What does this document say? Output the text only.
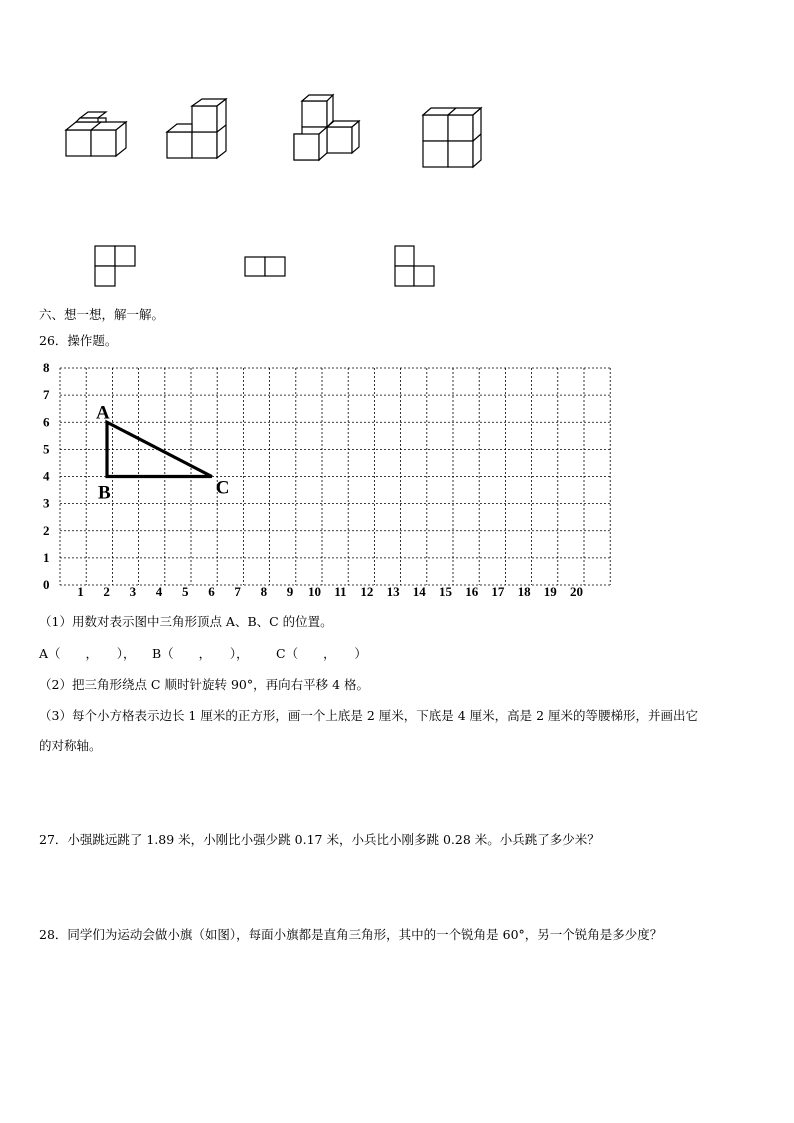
六、想一想，解一解。
26．操作题。
1 2 3 4 5 6 7 8 9 10 11 12 13 14 15 16 17 18 19 20
0
1
2
3
4
5
6
7
8
A
B	C
（1）用数对表示图中三角形顶点 A、B、C 的位置。
A（　　，　　）， B（　　，　　）， C（　　，　　）
（2）把三角形绕点 C 顺时针旋转 90°，再向右平移 4 格。
（3）每个小方格表示边长 1 厘米的正方形，画一个上底是 2 厘米，下底是 4 厘米，高是 2 厘米的等腰梯形，并画出它
的对称轴。
27．小强跳远跳了 1.89 米，小刚比小强少跳 0.17 米，小兵比小刚多跳 0.28 米。小兵跳了多少米？
28．同学们为运动会做小旗（如图），每面小旗都是直角三角形，其中的一个锐角是 60°，另一个锐角是多少度？
